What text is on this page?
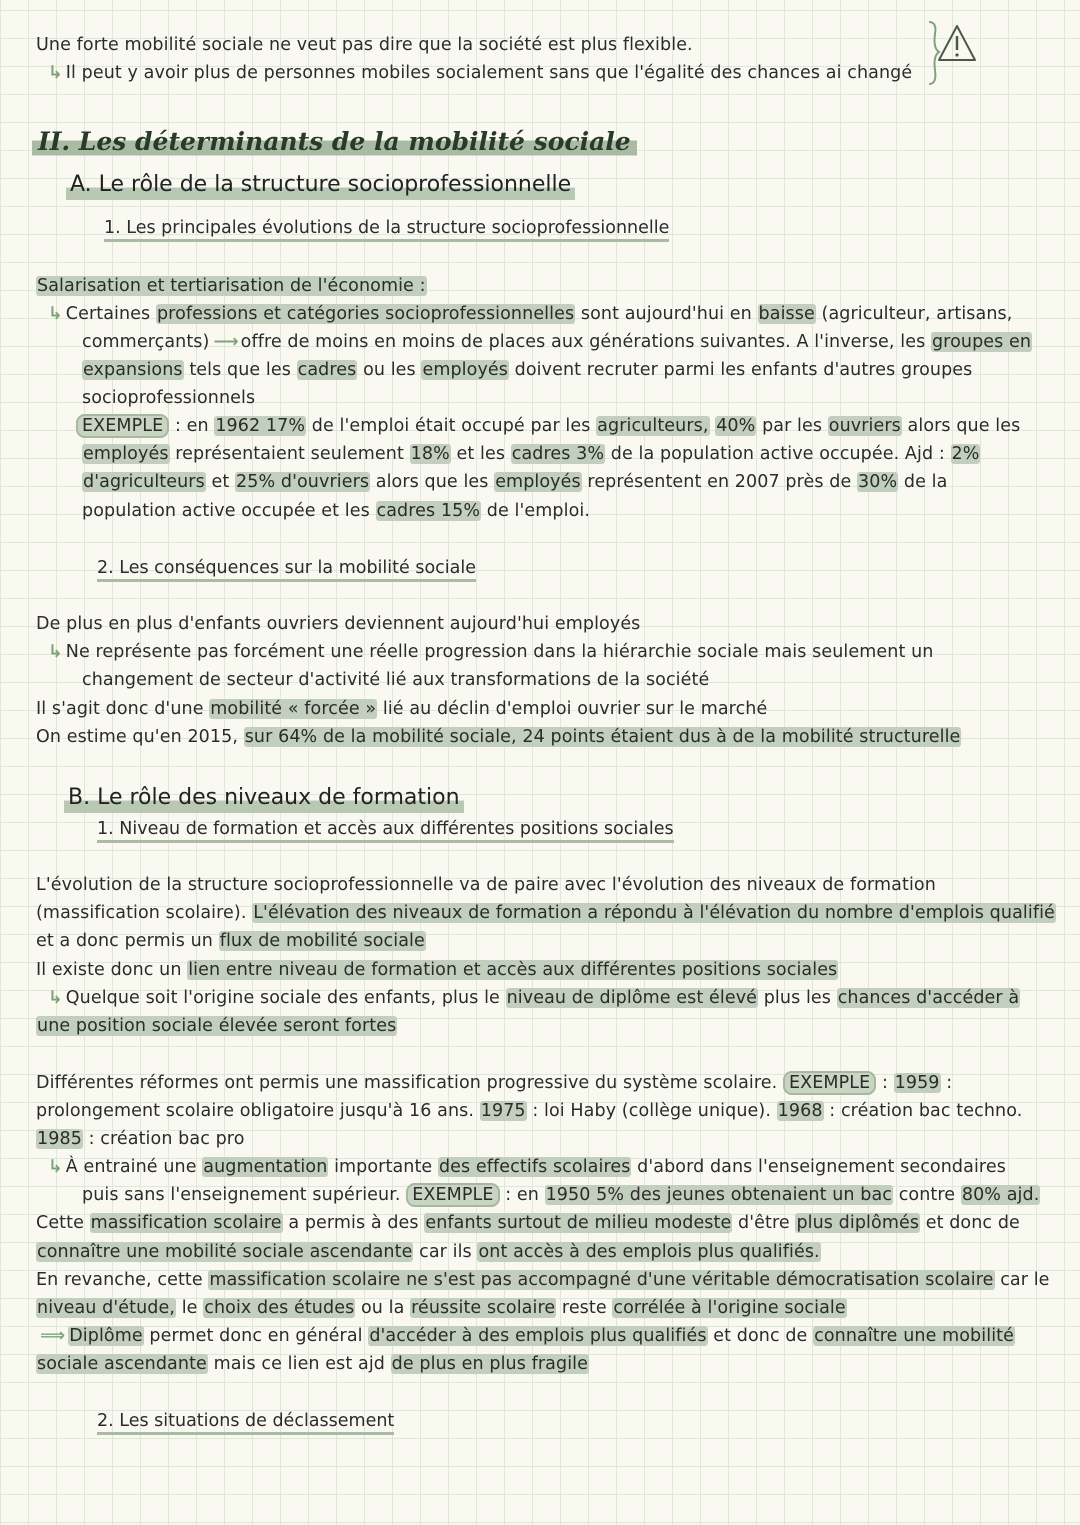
Une forte mobilité sociale ne veut pas dire que la société est plus flexible.
↳ Il peut y avoir plus de personnes mobiles socialement sans que l'égalité des chances ai changé
II. Les déterminants de la mobilité sociale
A. Le rôle de la structure socioprofessionnelle
1. Les principales évolutions de la structure socioprofessionnelle
Salarisation et tertiarisation de l'économie :
↳ Certaines professions et catégories socioprofessionnelles sont aujourd'hui en baisse (agriculteur, artisans,
commerçants) ⟶ offre de moins en moins de places aux générations suivantes. A l'inverse, les groupes en
expansions tels que les cadres ou les employés doivent recruter parmi les enfants d'autres groupes
socioprofessionnels
EXEMPLE : en 1962 17% de l'emploi était occupé par les agriculteurs, 40% par les ouvriers alors que les
employés représentaient seulement 18% et les cadres 3% de la population active occupée. Ajd : 2%
d'agriculteurs et 25% d'ouvriers alors que les employés représentent en 2007 près de 30% de la
population active occupée et les cadres 15% de l'emploi.
2. Les conséquences sur la mobilité sociale
De plus en plus d'enfants ouvriers deviennent aujourd'hui employés
↳ Ne représente pas forcément une réelle progression dans la hiérarchie sociale mais seulement un
changement de secteur d'activité lié aux transformations de la société
Il s'agit donc d'une mobilité « forcée » lié au déclin d'emploi ouvrier sur le marché
On estime qu'en 2015, sur 64% de la mobilité sociale, 24 points étaient dus à de la mobilité structurelle
B. Le rôle des niveaux de formation
1. Niveau de formation et accès aux différentes positions sociales
L'évolution de la structure socioprofessionnelle va de paire avec l'évolution des niveaux de formation
(massification scolaire). L'élévation des niveaux de formation a répondu à l'élévation du nombre d'emplois qualifié
et a donc permis un flux de mobilité sociale
Il existe donc un lien entre niveau de formation et accès aux différentes positions sociales
↳ Quelque soit l'origine sociale des enfants, plus le niveau de diplôme est élevé plus les chances d'accéder à
une position sociale élevée seront fortes
Différentes réformes ont permis une massification progressive du système scolaire. EXEMPLE : 1959 :
prolongement scolaire obligatoire jusqu'à 16 ans. 1975 : loi Haby (collège unique). 1968 : création bac techno.
1985 : création bac pro
↳ À entrainé une augmentation importante des effectifs scolaires d'abord dans l'enseignement secondaires
puis sans l'enseignement supérieur. EXEMPLE : en 1950 5% des jeunes obtenaient un bac contre 80% ajd.
Cette massification scolaire a permis à des enfants surtout de milieu modeste d'être plus diplômés et donc de
connaître une mobilité sociale ascendante car ils ont accès à des emplois plus qualifiés.
En revanche, cette massification scolaire ne s'est pas accompagné d'une véritable démocratisation scolaire car le
niveau d'étude, le choix des études ou la réussite scolaire reste corrélée à l'origine sociale
⟹ Diplôme permet donc en général d'accéder à des emplois plus qualifiés et donc de connaître une mobilité
sociale ascendante mais ce lien est ajd de plus en plus fragile
2. Les situations de déclassement
